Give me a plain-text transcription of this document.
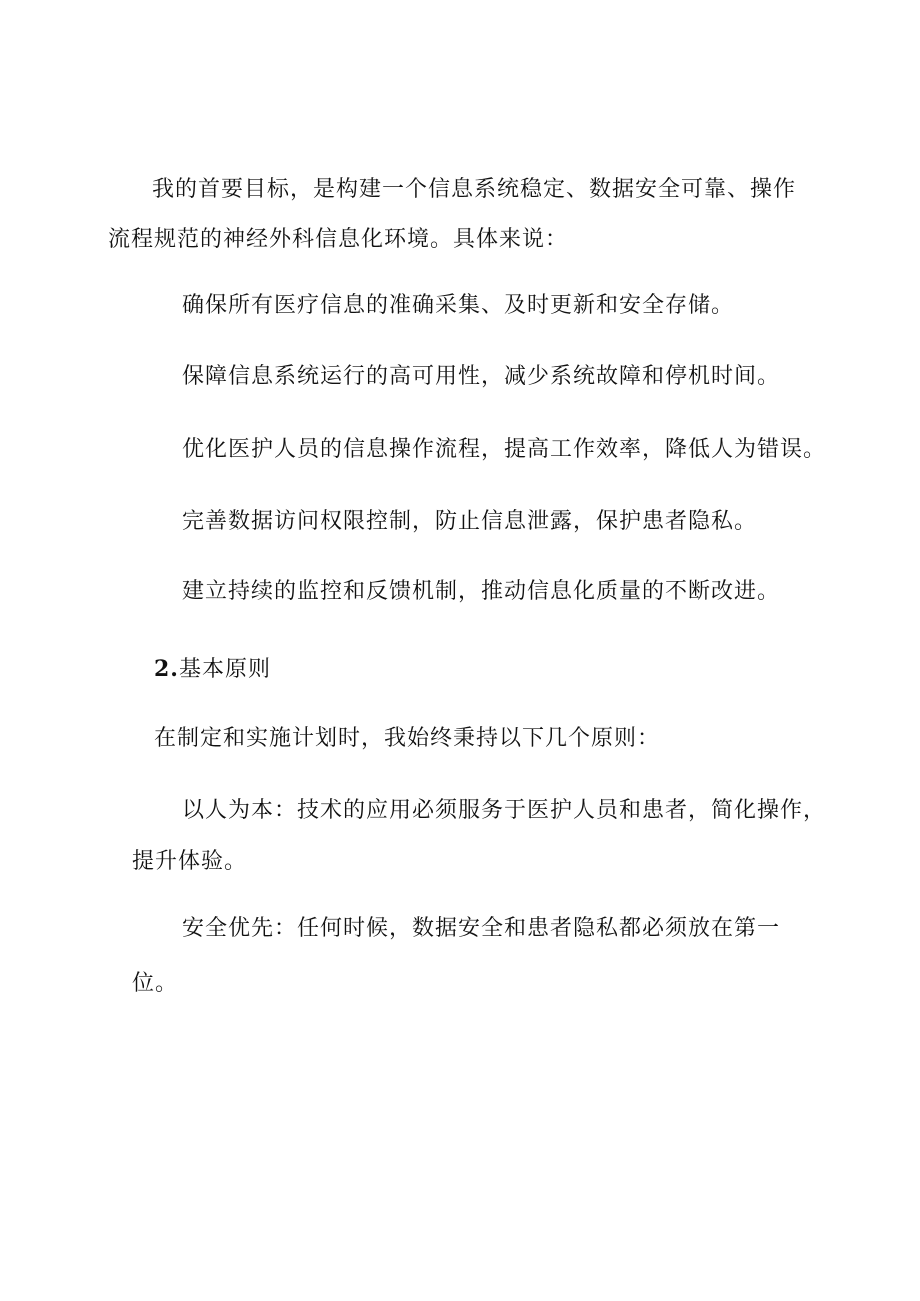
我的首要目标，是构建一个信息系统稳定、数据安全可靠、操作
流程规范的神经外科信息化环境。具体来说：
确保所有医疗信息的准确采集、及时更新和安全存储。
保障信息系统运行的高可用性，减少系统故障和停机时间。
优化医护人员的信息操作流程，提高工作效率，降低人为错误。
完善数据访问权限控制，防止信息泄露，保护患者隐私。
建立持续的监控和反馈机制，推动信息化质量的不断改进。
2.基本原则
在制定和实施计划时，我始终秉持以下几个原则：
以人为本：技术的应用必须服务于医护人员和患者，简化操作，
提升体验。
安全优先：任何时候，数据安全和患者隐私都必须放在第一
位。
